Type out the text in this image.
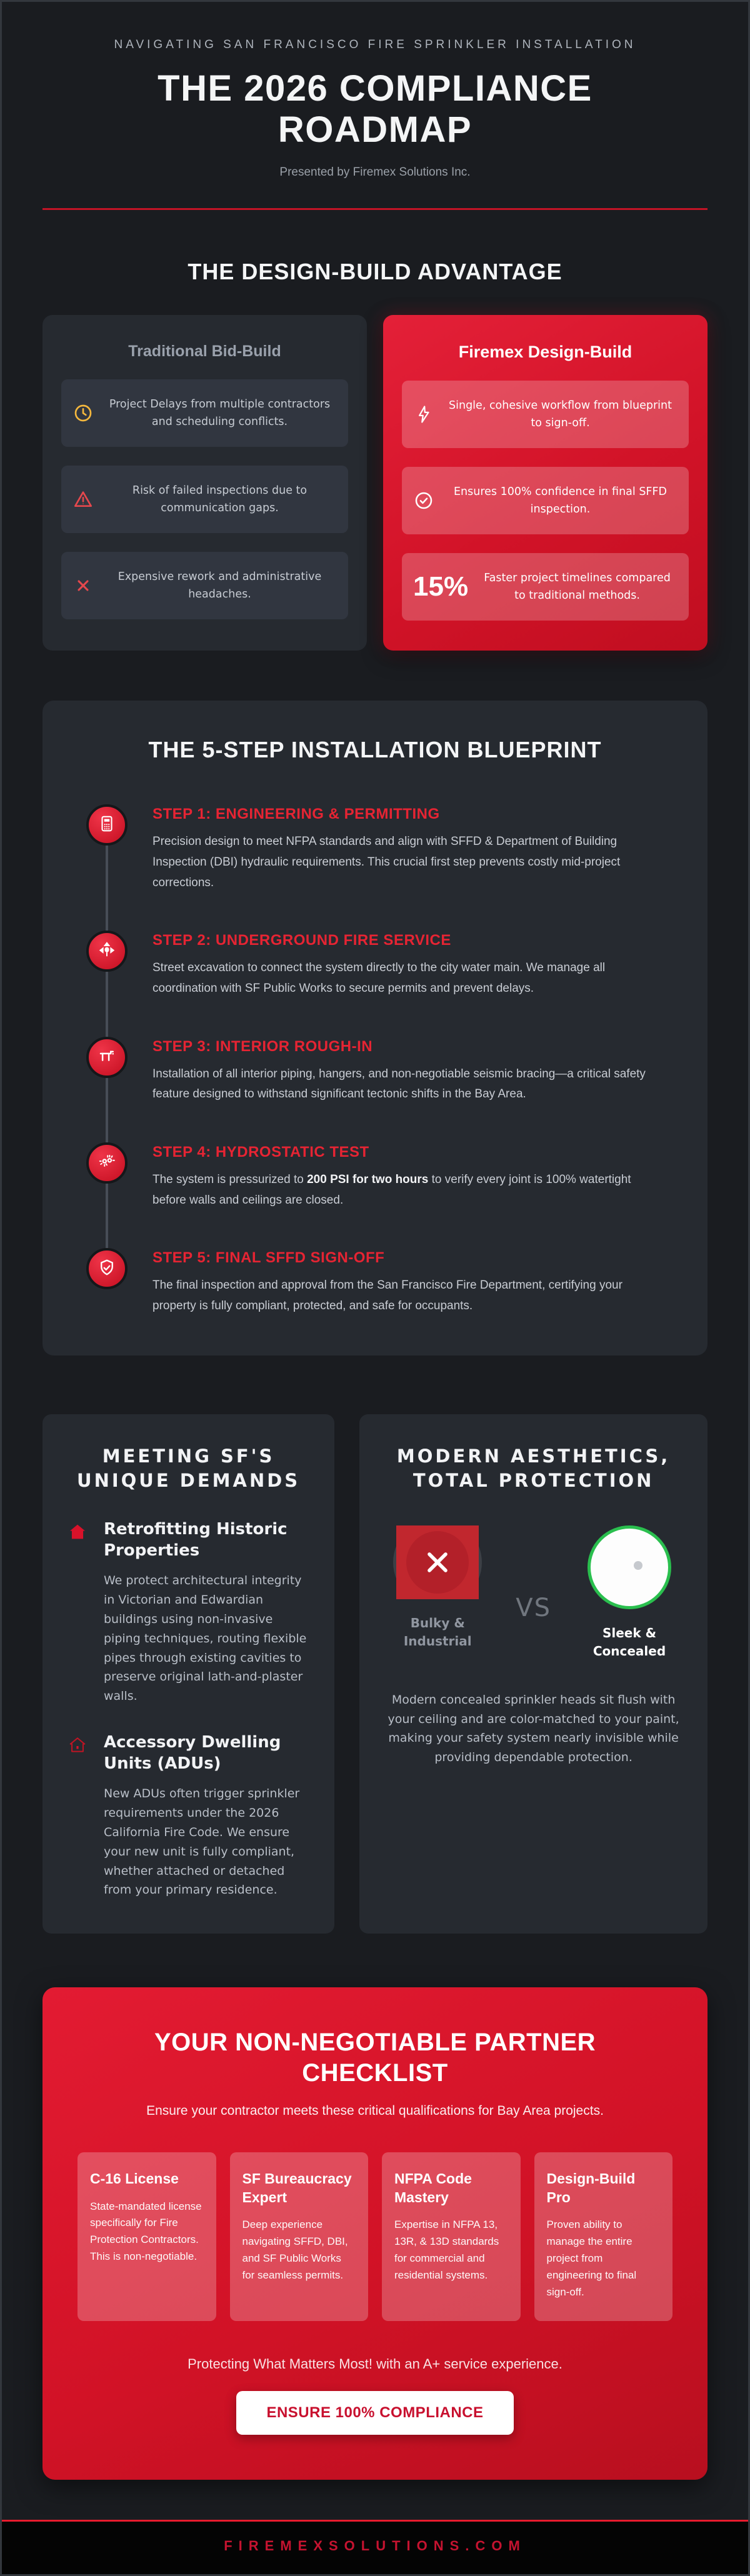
NAVIGATING SAN FRANCISCO FIRE SPRINKLER INSTALLATION
THE 2026 COMPLIANCE ROADMAP
Presented by Firemex Solutions Inc.
THE DESIGN-BUILD ADVANTAGE
Traditional Bid-Build
Project Delays from multiple contractors and scheduling conflicts.
Risk of failed inspections due to communication gaps.
Expensive rework and administrative headaches.
Firemex Design-Build
Single, cohesive workflow from blueprint to sign-off.
Ensures 100% confidence in final SFFD inspection.
15%	Faster project timelines compared to traditional methods.
THE 5-STEP INSTALLATION BLUEPRINT
STEP 1: ENGINEERING & PERMITTING
Precision design to meet NFPA standards and align with SFFD & Department of Building Inspection (DBI) hydraulic requirements. This crucial first step prevents costly mid-project corrections.
STEP 2: UNDERGROUND FIRE SERVICE
Street excavation to connect the system directly to the city water main. We manage all coordination with SF Public Works to secure permits and prevent delays.
STEP 3: INTERIOR ROUGH-IN
Installation of all interior piping, hangers, and non-negotiable seismic bracing—a critical safety feature designed to withstand significant tectonic shifts in the Bay Area.
STEP 4: HYDROSTATIC TEST
The system is pressurized to 200 PSI for two hours to verify every joint is 100% watertight before walls and ceilings are closed.
STEP 5: FINAL SFFD SIGN-OFF
The final inspection and approval from the San Francisco Fire Department, certifying your property is fully compliant, protected, and safe for occupants.
MEETING SF'S UNIQUE DEMANDS
Retrofitting Historic Properties
We protect architectural integrity in Victorian and Edwardian buildings using non-invasive piping techniques, routing flexible pipes through existing cavities to preserve original lath-and-plaster walls.
Accessory Dwelling Units (ADUs)
New ADUs often trigger sprinkler requirements under the 2026 California Fire Code. We ensure your new unit is fully compliant, whether attached or detached from your primary residence.
MODERN AESTHETICS, TOTAL PROTECTION
Bulky & Industrial
VS
Sleek & Concealed
Modern concealed sprinkler heads sit flush with your ceiling and are color-matched to your paint, making your safety system nearly invisible while providing dependable protection.
YOUR NON-NEGOTIABLE PARTNER CHECKLIST
Ensure your contractor meets these critical qualifications for Bay Area projects.
C-16 License
State-mandated license specifically for Fire Protection Contractors. This is non-negotiable.
SF Bureaucracy Expert
Deep experience navigating SFFD, DBI, and SF Public Works for seamless permits.
NFPA Code Mastery
Expertise in NFPA 13, 13R, & 13D standards for commercial and residential systems.
Design-Build Pro
Proven ability to manage the entire project from engineering to final sign-off.
Protecting What Matters Most! with an A+ service experience.
ENSURE 100% COMPLIANCE
FIREMEXSOLUTIONS.COM
